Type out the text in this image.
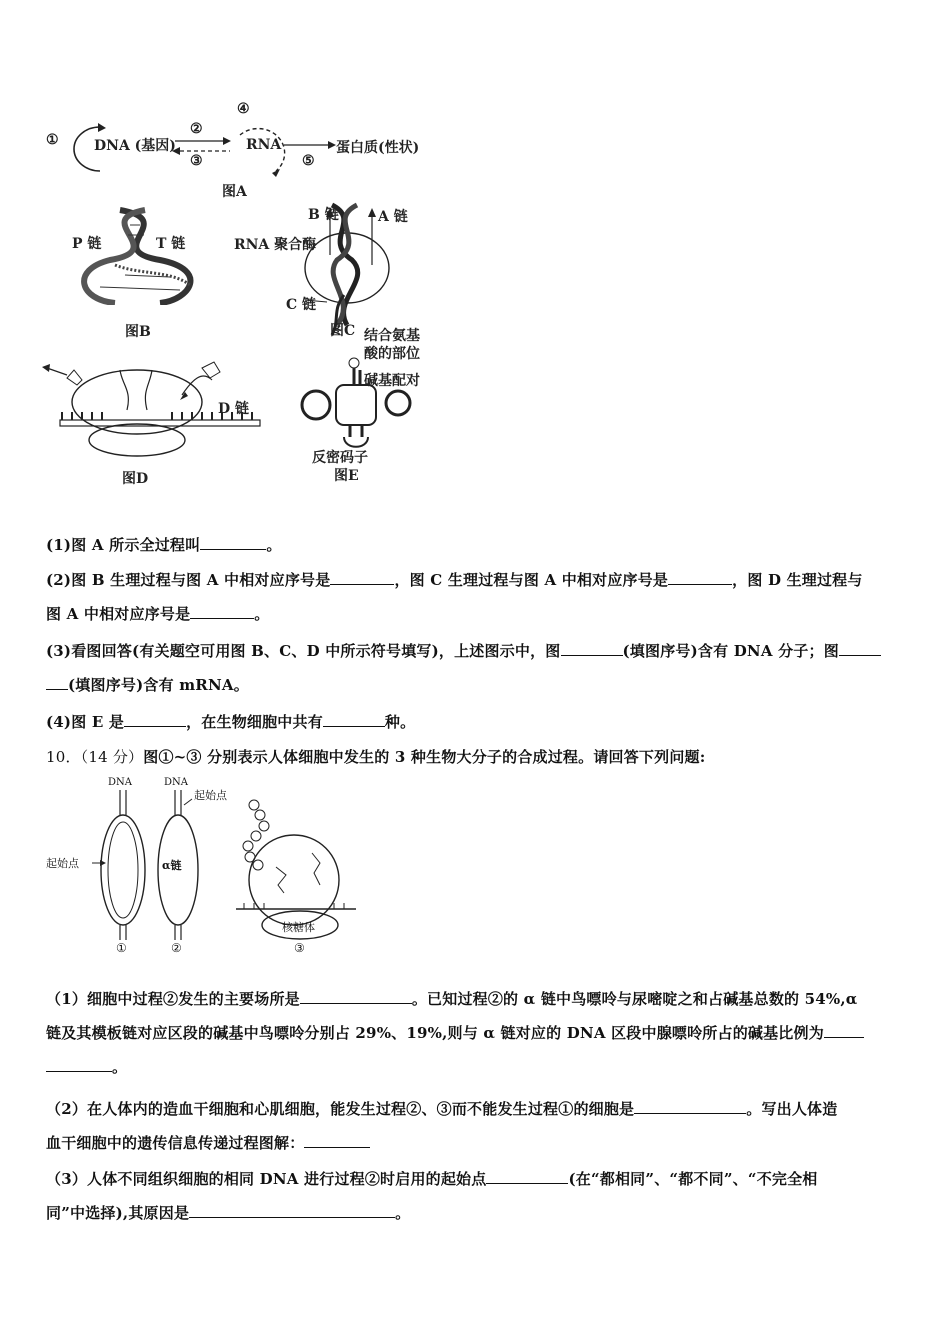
①	DNA (基因)
②
③
④
RNA
⑤
蛋白质(性状)
图A
P 链	T 链
图B
B 链	A 链
RNA 聚合酶
C 链
图C
D 链
图D
结合氨基
酸的部位
碱基配对
反密码子
图E
(1)图 A 所示全过程叫	。
(2)图 B 生理过程与图 A 中相对应序号是	，图 C 生理过程与图 A 中相对应序号是	，图 D 生理过程与
图 A 中相对应序号是	。
(3)看图回答(有关题空可用图 B、C、D 中所示符号填写)，上述图示中，图	(填图序号)含有 DNA 分子；图
(填图序号)含有 mRNA。
(4)图 E 是	，在生物细胞中共有	种。
10．（14 分）图①~③ 分别表示人体细胞中发生的 3 种生物大分子的合成过程。请回答下列问题:
DNA	DNA
起始点
起始点
α链
核糖体
①	②	③
（1）细胞中过程②发生的主要场所是	。已知过程②的 α 链中鸟嘌呤与尿嘧啶之和占碱基总数的 54%,α
链及其模板链对应区段的碱基中鸟嘌呤分别占 29%、19%,则与 α 链对应的 DNA 区段中腺嘌呤所占的碱基比例为
。
（2）在人体内的造血干细胞和心肌细胞，能发生过程②、③而不能发生过程①的细胞是	。写出人体造
血干细胞中的遗传信息传递过程图解：
（3）人体不同组织细胞的相同 DNA 进行过程②时启用的起始点	(在“都相同”、“都不同”、“不完全相
同”中选择),其原因是	。
